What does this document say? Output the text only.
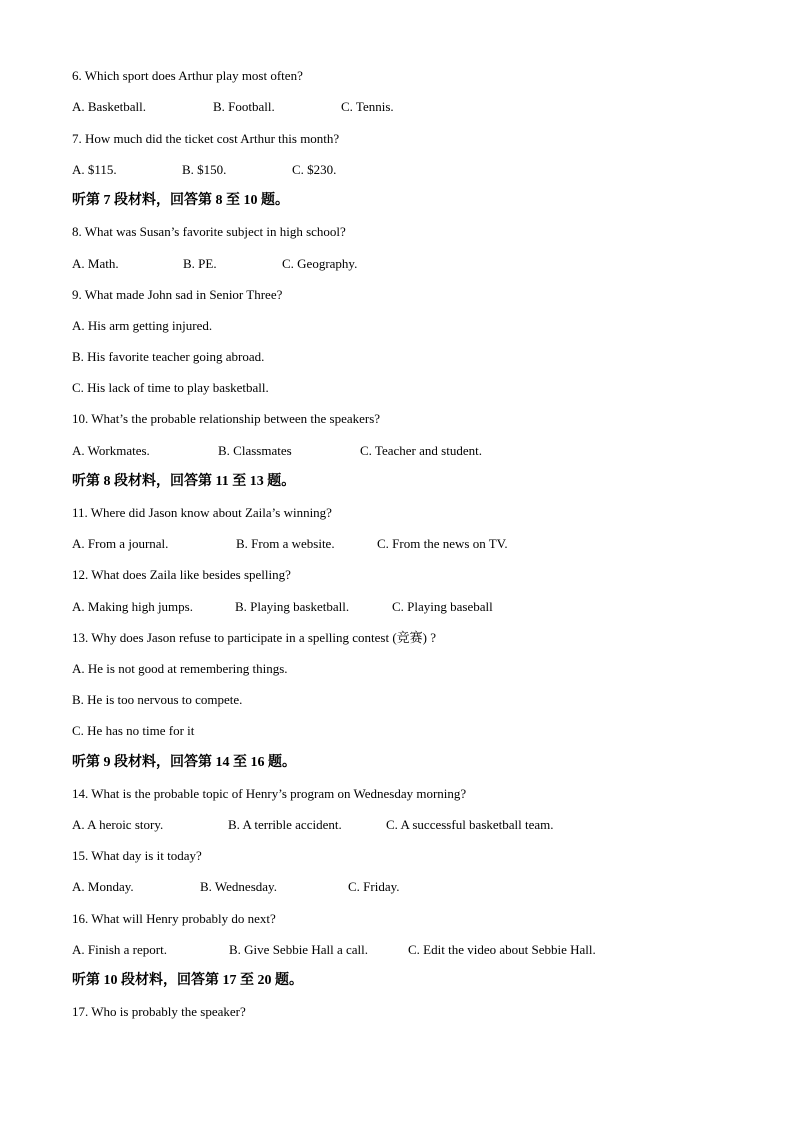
6. Which sport does Arthur play most often?
A. Basketball.	B. Football.	C. Tennis.
7. How much did the ticket cost Arthur this month?
A. $115.	B. $150.	C. $230.
听第 7 段材料，回答第 8 至 10 题。
8. What was Susan’s favorite subject in high school?
A. Math.	B. PE.	C. Geography.
9. What made John sad in Senior Three?
A. His arm getting injured.
B. His favorite teacher going abroad.
C. His lack of time to play basketball.
10. What’s the probable relationship between the speakers?
A. Workmates.	B. Classmates	C. Teacher and student.
听第 8 段材料，回答第 11 至 13 题。
11. Where did Jason know about Zaila’s winning?
A. From a journal.	B. From a website.	C. From the news on TV.
12. What does Zaila like besides spelling?
A. Making high jumps.	B. Playing basketball.	C. Playing baseball
13. Why does Jason refuse to participate in a spelling contest (竞赛) ?
A. He is not good at remembering things.
B. He is too nervous to compete.
C. He has no time for it
听第 9 段材料，回答第 14 至 16 题。
14. What is the probable topic of Henry’s program on Wednesday morning?
A. A heroic story.	B. A terrible accident.	C. A successful basketball team.
15. What day is it today?
A. Monday.	B. Wednesday.	C. Friday.
16. What will Henry probably do next?
A. Finish a report.	B. Give Sebbie Hall a call.	C. Edit the video about Sebbie Hall.
听第 10 段材料，回答第 17 至 20 题。
17. Who is probably the speaker?
